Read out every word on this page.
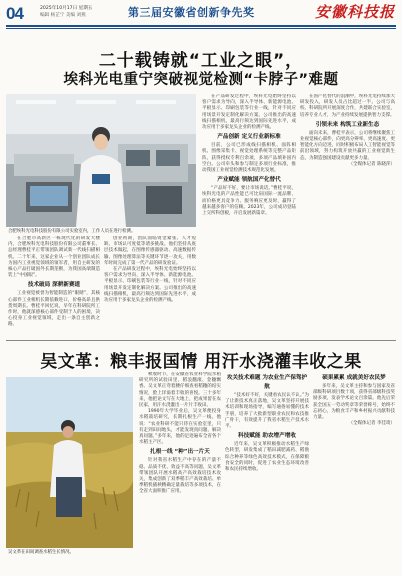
04	2025年10月17日 星期五
编辑 杨芷宁 美编 刘燕	第三届安徽省创新争先奖	安徽科技报
二十载铸就“工业之眼”，
埃科光电重宁突破视觉检测“卡脖子”难题
合肥埃科光电科技股份有限公司实验室内，工作人员在进行检测。

在合肥市高新区一栋现代化的研发大楼内，合肥埃科光电科技股份有限公司董事长、总经理曹桂平正带领团队调试新一代线扫描相机。二十年来，这家企业从一个创业团队成长为国内工业视觉领域的领军者，用自主研发的核心产品打破国外长期垄断，为我国高端制造装上“中国眼”。

技术破局 深耕新赛道

工业视觉被誉为智能制造的“眼睛”，其核心部件工业相机长期依赖进口，价格高昂且供货周期长。曹桂平回忆说，早年在科研院所工作时，他就深感核心部件受制于人的困境，决心投身工业视觉领域，走出一条自主创新之路。

创业初期，团队面临资金紧张、人才短缺、市场认可度低等诸多挑战。他们坚持从底层技术做起，在图像传感器驱动、高速数据传输、图像处理算法等关键环节逐一攻关，用数年时间完成了第一代产品的研发验证。

在产品研发过程中，埃科光电始终坚持以客户需求为导向，深入半导体、新能源电池、平板显示、印刷包装等行业一线，针对不同应用场景开发定制化解决方案。公司推出的高速线扫描相机，最高行频达到国际先进水平，成功应用于多家龙头企业的检测产线。

在产品研发过程中，埃科光电始终坚持以客户需求为导向，深入半导体、新能源电池、平板显示、印刷包装等行业一线，针对不同应用场景开发定制化解决方案。公司推出的高速线扫描相机，最高行频达到国际先进水平，成功应用于多家龙头企业的检测产线。

产品创新 定义行业新标准

目前，公司已形成线扫描相机、面阵相机、图像采集卡、视觉处理系统等完整产品矩阵，获得授权专利百余项，多项产品填补国内空白。公司牵头和参与制定多项行业标准，推动我国工业视觉检测技术规范化发展。

产业赋能 领航国产化替代

“产品好不好，要让市场说话。”曹桂平说，埃科光电的产品性能已可比肩国际一流品牌，而价格更具竞争力、服务响应更及时，赢得了越来越多客户的信赖。2023年，公司成功登陆上交所科创板，开启发展新篇章。

在国产化替代的浪潮中，埃科光电持续加大研发投入，研发人员占比超过一半。公司与高校、科研院所开展深度合作，共建联合实验室，培养专业人才，为产业持续发展提供智力支撑。

引领未来 构筑工业新生态

面向未来，曹桂平表示，公司将继续聚焦工业视觉核心部件，向更高分辨率、更高速度、更智能化方向迈进，同时积极布局人工智能视觉等前沿领域，努力构筑开放共赢的工业视觉新生态，为制造强国建设贡献更多力量。

（全媒体记者 陈晓萍）

吴文革：粮丰报国情 用汗水浇灌丰收之果
吴文革在田间调查水稻生长情况。

秋收时节，在安徽省农业科学院水稻研究所的试验田里，稻浪翻滚、金穗飘香。吴文革正弯着腰仔细查看稻穗的结实情况，脸上洋溢着丰收的喜悦。三十多年来，他把论文写在大地上，把成果留在农民家，用汗水浇灌出一片片丰收田。

1990年大学毕业后，吴文革便投身水稻栽培研究，长期扎根生产一线。他说：“农业科研不能只待在实验室里，只有走到田间地头，才能发现真问题、解决真问题。”多年来，他的足迹遍布全省各个水稻主产区。

扎根一线 “种”出一片天

针对我省水稻生产中存在的产量不稳、品质不优、效益不高等问题，吴文革带领团队开展水稻高产高效栽培技术攻关，集成创新了双季稻丰产高效栽培、单季稻机插秧精确定量栽培等多项技术，在全省大面积推广应用。

攻关技术难题 为农业生产保驾护航

“技术好不好，关键看农民认不认。”为了让新技术真正落地，吴文革坚持开展技术培训和现场指导，编写通俗易懂的技术手册，培养了大批新型职业农民和农技推广骨干，有效提升了我省水稻生产技术水平。

科技赋能 助农增产增收

近年来，吴文革积极推动水稻生产绿色转型，研发集成了稻田减肥减药、稻渔综合种养等绿色高效技术模式，在保障粮食安全的同时，促进了农业生态环境改善和农民持续增收。

硕果累累 成就美好农民梦

多年来，吴文革主持和参与国家及省部级科研项目数十项，获得省部级科技奖励多项，发表学术论文百余篇。他先后荣获全国五一劳动奖章等荣誉称号，始终不忘初心，为粮食丰产和乡村振兴贡献科技力量。

（全媒体记者 李佳琦）
